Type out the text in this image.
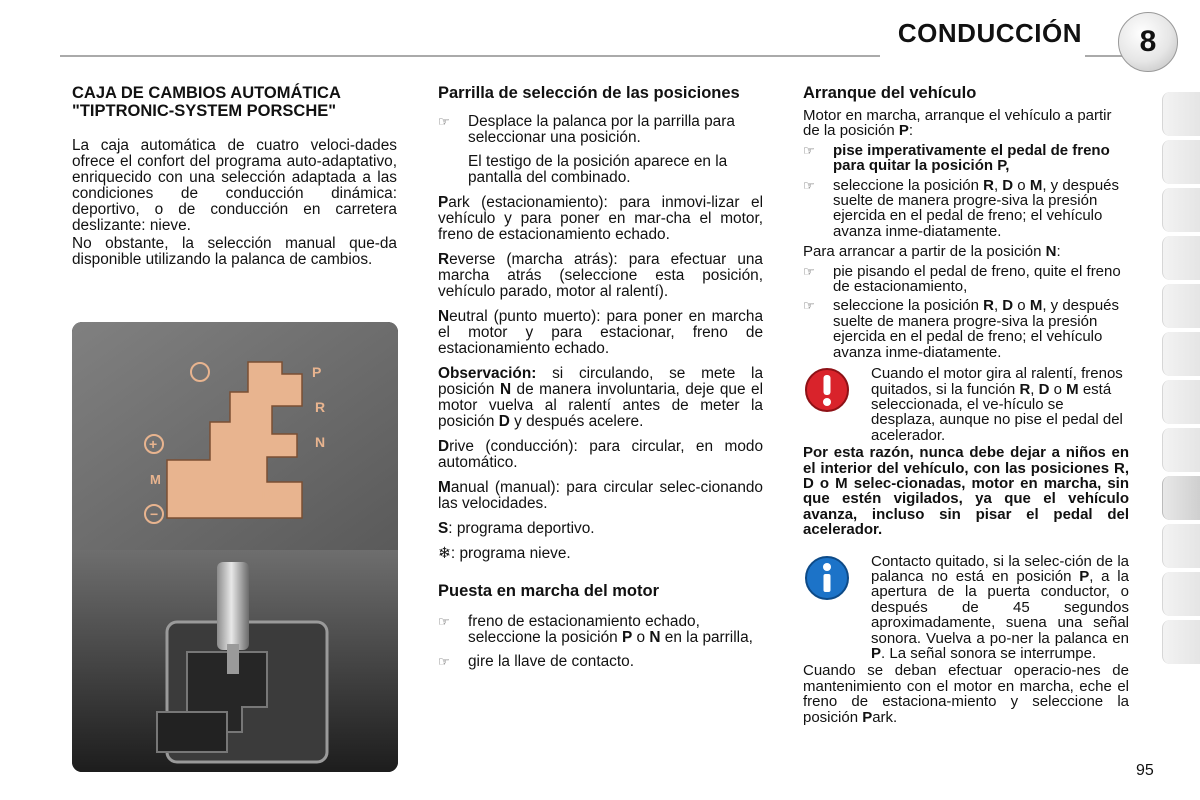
CONDUCCIÓN	8
CAJA DE CAMBIOS AUTOMÁTICA "TIPTRONIC-SYSTEM PORSCHE"

La caja automática de cuatro veloci-dades ofrece el confort del programa auto-adaptativo, enriquecido con una selección adaptada a las condiciones de conducción dinámica: deportivo, o de conducción en carretera deslizante: nieve.

No obstante, la selección manual que-da disponible utilizando la palanca de cambios.

P
R
N
D
M
+
−
Parrilla de selección de las posiciones
☞	Desplace la palanca por la parrilla para seleccionar una posición.

El testigo de la posición aparece en la pantalla del combinado.

Park (estacionamiento): para inmovi-lizar el vehículo y para poner en mar-cha el motor, freno de estacionamiento echado.

Reverse (marcha atrás): para efectuar una marcha atrás (seleccione esta posición, vehículo parado, motor al ralentí).

Neutral (punto muerto): para poner en marcha el motor y para estacionar, freno de estacionamiento echado.

Observación: si circulando, se mete la posición N de manera involuntaria, deje que el motor vuelva al ralentí antes de meter la posición D y después acelere.

Drive (conducción): para circular, en modo automático.

Manual (manual): para circular selec-cionando las velocidades.

S: programa deportivo.

❄: programa nieve.

Puesta en marcha del motor
☞	freno de estacionamiento echado, seleccione la posición P o N en la parrilla,
☞	gire la llave de contacto.
Arranque del vehículo

Motor en marcha, arranque el vehículo a partir de la posición P:

☞	pise imperativamente el pedal de freno para quitar la posición P,
☞	seleccione la posición R, D o M, y después suelte de manera progre-siva la presión ejercida en el pedal de freno; el vehículo avanza inme-diatamente.

Para arrancar a partir de la posición N:

☞	pie pisando el pedal de freno, quite el freno de estacionamiento,
☞	seleccione la posición R, D o M, y después suelte de manera progre-siva la presión ejercida en el pedal de freno; el vehículo avanza inme-diatamente.
Cuando el motor gira al ralentí, frenos quitados, si la función R, D o M está seleccionada, el ve-hículo se desplaza, aunque no pise el pedal del acelerador.

Por esta razón, nunca debe dejar a niños en el interior del vehículo, con las posiciones R, D o M selec-cionadas, motor en marcha, sin que estén vigilados, ya que el vehículo avanza, incluso sin pisar el pedal del acelerador.

Contacto quitado, si la selec-ción de la palanca no está en posición P, a la apertura de la puerta conductor, o después de 45 segundos aproximadamente, suena una señal sonora. Vuelva a po-ner la palanca en P. La señal sonora se interrumpe.

Cuando se deban efectuar operacio-nes de mantenimiento con el motor en marcha, eche el freno de estaciona-miento y seleccione la posición Park.

95
